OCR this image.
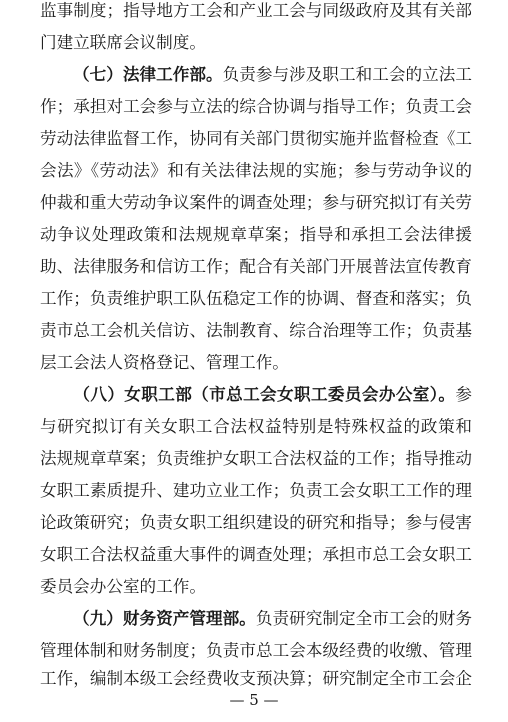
监事制度；指导地方工会和产业工会与同级政府及其有关部
门建立联席会议制度。
（七）法律工作部。负责参与涉及职工和工会的立法工
作；承担对工会参与立法的综合协调与指导工作；负责工会
劳动法律监督工作，协同有关部门贯彻实施并监督检查《工
会法》《劳动法》和有关法律法规的实施；参与劳动争议的
仲裁和重大劳动争议案件的调查处理；参与研究拟订有关劳
动争议处理政策和法规规章草案；指导和承担工会法律援
助、法律服务和信访工作；配合有关部门开展普法宣传教育
工作；负责维护职工队伍稳定工作的协调、督查和落实；负
责市总工会机关信访、法制教育、综合治理等工作；负责基
层工会法人资格登记、管理工作。
（八）女职工部（市总工会女职工委员会办公室）。参
与研究拟订有关女职工合法权益特别是特殊权益的政策和
法规规章草案；负责维护女职工合法权益的工作；指导推动
女职工素质提升、建功立业工作；负责工会女职工工作的理
论政策研究；负责女职工组织建设的研究和指导；参与侵害
女职工合法权益重大事件的调查处理；承担市总工会女职工
委员会办公室的工作。
（九）财务资产管理部。负责研究制定全市工会的财务
管理体制和财务制度；负责市总工会本级经费的收缴、管理
工作，编制本级工会经费收支预决算；研究制定全市工会企
— 5 —
